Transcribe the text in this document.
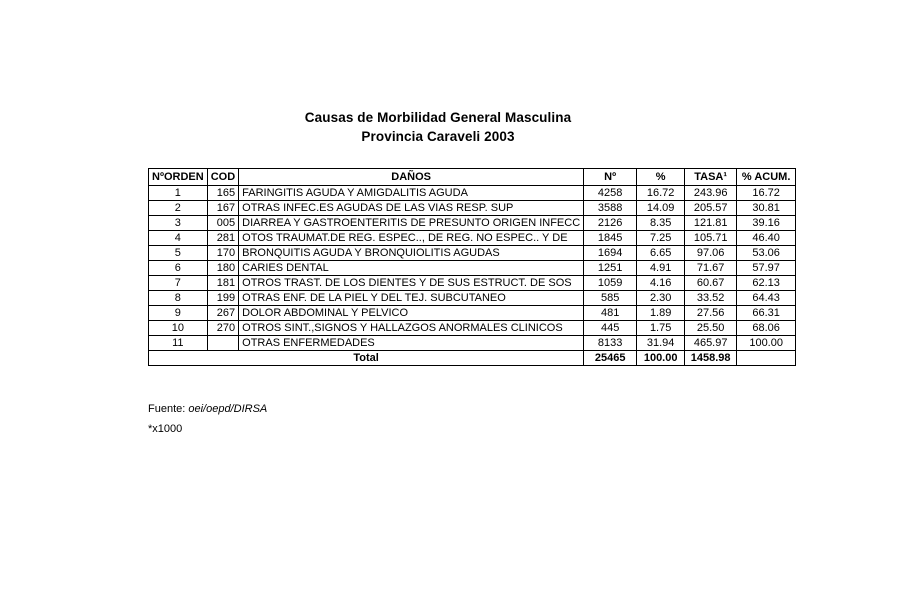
Causas de Morbilidad General Masculina
Provincia Caraveli 2003
NºORDEN	COD	DAÑOS	Nº	%	TASA¹	% ACUM.
1	165	FARINGITIS AGUDA Y AMIGDALITIS AGUDA	4258	16.72	243.96	16.72
2	167	OTRAS INFEC.ES AGUDAS DE LAS VIAS RESP. SUP	3588	14.09	205.57	30.81
3	005	DIARREA Y GASTROENTERITIS DE PRESUNTO ORIGEN INFECC	2126	8.35	121.81	39.16
4	281	OTOS TRAUMAT.DE REG. ESPEC.., DE REG. NO ESPEC.. Y DE	1845	7.25	105.71	46.40
5	170	BRONQUITIS AGUDA Y BRONQUIOLITIS AGUDAS	1694	6.65	97.06	53.06
6	180	CARIES DENTAL	1251	4.91	71.67	57.97
7	181	OTROS TRAST. DE LOS DIENTES Y DE SUS ESTRUCT. DE SOS	1059	4.16	60.67	62.13
8	199	OTRAS ENF. DE LA PIEL Y DEL TEJ. SUBCUTANEO	585	2.30	33.52	64.43
9	267	DOLOR ABDOMINAL Y PELVICO	481	1.89	27.56	66.31
10	270	OTROS SINT.,SIGNOS Y HALLAZGOS ANORMALES CLINICOS	445	1.75	25.50	68.06
11		OTRAS ENFERMEDADES	8133	31.94	465.97	100.00
Total			25465	100.00	1458.98	
Fuente: oei/oepd/DIRSA
*x1000
